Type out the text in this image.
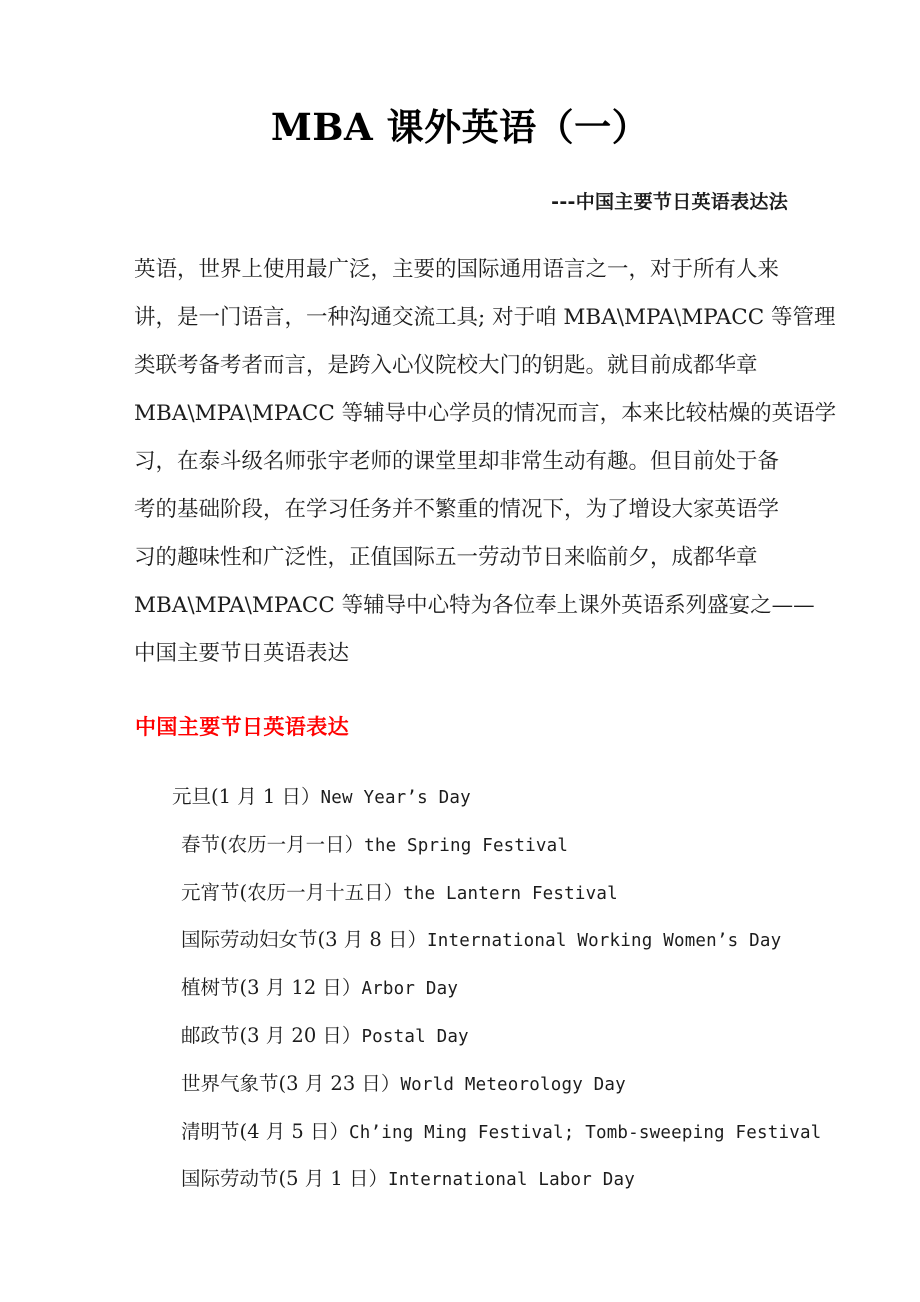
MBA 课外英语（一）
---中国主要节日英语表达法
英语，世界上使用最广泛，主要的国际通用语言之一，对于所有人来
讲，是一门语言，一种沟通交流工具; 对于咱 MBA\MPA\MPACC 等管理
类联考备考者而言，是跨入心仪院校大门的钥匙。就目前成都华章
MBA\MPA\MPACC 等辅导中心学员的情况而言，本来比较枯燥的英语学
习，在泰斗级名师张宇老师的课堂里却非常生动有趣。但目前处于备
考的基础阶段，在学习任务并不繁重的情况下，为了增设大家英语学
习的趣味性和广泛性，正值国际五一劳动节日来临前夕，成都华章
MBA\MPA\MPACC 等辅导中心特为各位奉上课外英语系列盛宴之——
中国主要节日英语表达
中国主要节日英语表达
元旦(1 月 1 日）New Year’s Day
春节(农历一月一日）the Spring Festival
元宵节(农历一月十五日）the Lantern Festival
国际劳动妇女节(3 月 8 日）International Working Women’s Day
植树节(3 月 12 日）Arbor Day
邮政节(3 月 20 日）Postal Day
世界气象节(3 月 23 日）World Meteorology Day
清明节(4 月 5 日）Ch’ing Ming Festival; Tomb-sweeping Festival
国际劳动节(5 月 1 日）International Labor Day
